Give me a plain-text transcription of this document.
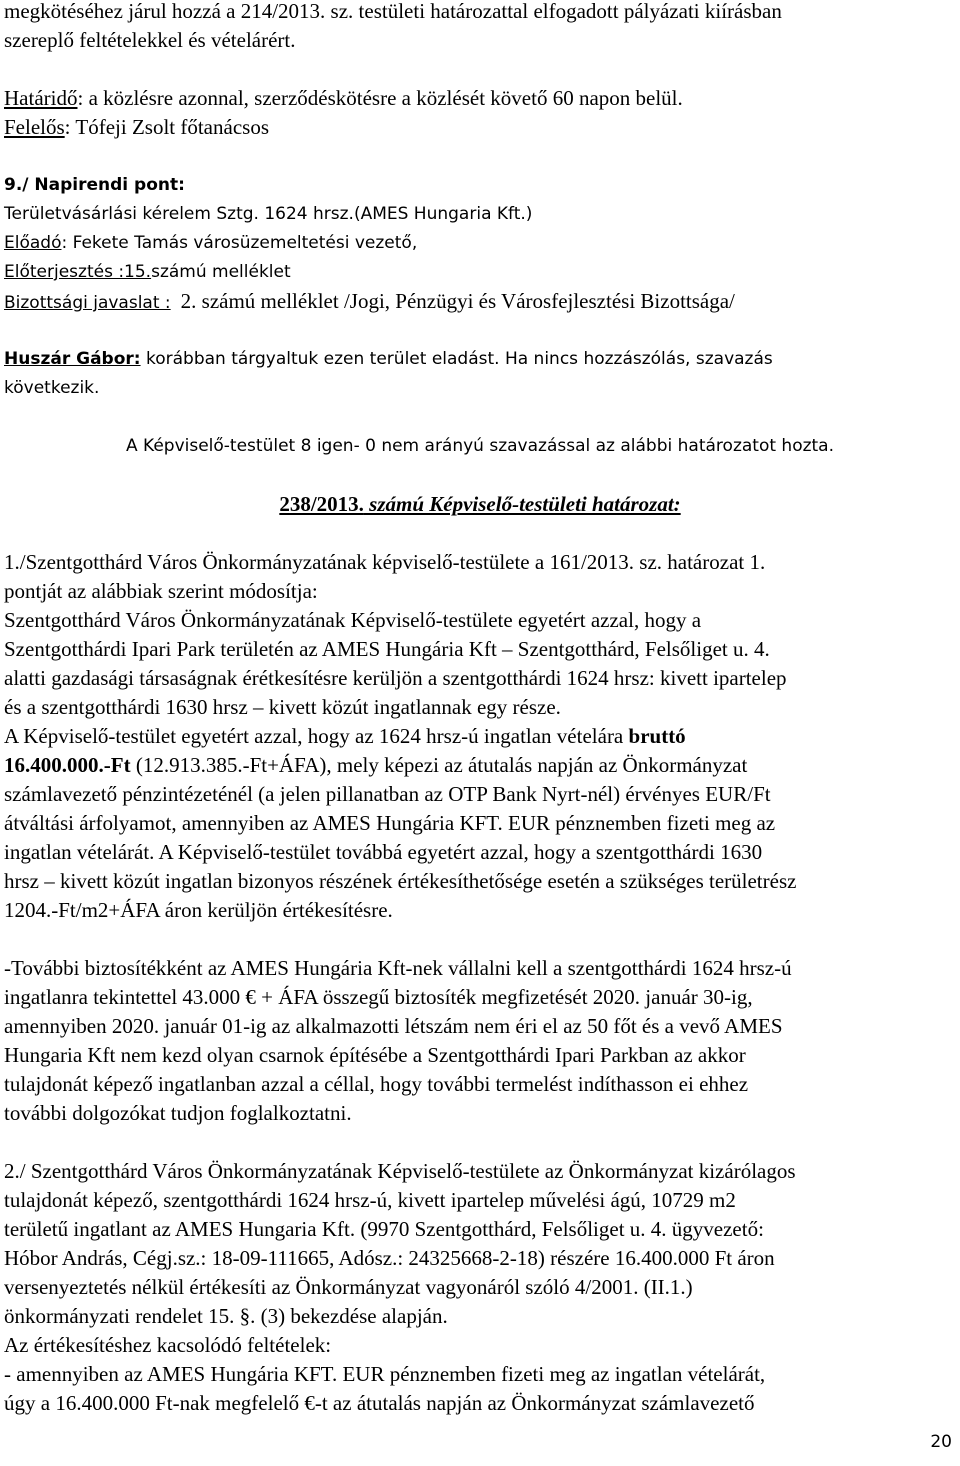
megkötéséhez járul hozzá a 214/2013. sz. testületi határozattal elfogadott pályázati kiírásban
szereplő feltételekkel és vételárért.
Határidő: a közlésre azonnal, szerződéskötésre a közlését követő 60 napon belül.
Felelős: Tófeji Zsolt főtanácsos
9./ Napirendi pont:
Területvásárlási kérelem Sztg. 1624 hrsz.(AMES Hungaria Kft.)
Előadó: Fekete Tamás városüzemeltetési vezető,
Előterjesztés :15.számú melléklet
Bizottsági javaslat : 2. számú melléklet /Jogi, Pénzügyi és Városfejlesztési Bizottsága/
Huszár Gábor: korábban tárgyaltuk ezen terület eladást. Ha nincs hozzászólás, szavazás
következik.
A Képviselő-testület 8 igen- 0 nem arányú szavazással az alábbi határozatot hozta.
238/2013. számú Képviselő-testületi határozat:
1./Szentgotthárd Város Önkormányzatának képviselő-testülete a 161/2013. sz. határozat 1.
pontját az alábbiak szerint módosítja:
Szentgotthárd Város Önkormányzatának Képviselő-testülete egyetért azzal, hogy a
Szentgotthárdi Ipari Park területén az AMES Hungária Kft – Szentgotthárd, Felsőliget u. 4.
alatti gazdasági társaságnak érétkesítésre kerüljön a szentgotthárdi 1624 hrsz: kivett ipartelep
és a szentgotthárdi 1630 hrsz – kivett közút ingatlannak egy része.
A Képviselő-testület egyetért azzal, hogy az 1624 hrsz-ú ingatlan vételára bruttó
16.400.000.-Ft (12.913.385.-Ft+ÁFA), mely képezi az átutalás napján az Önkormányzat
számlavezető pénzintézeténél (a jelen pillanatban az OTP Bank Nyrt-nél) érvényes EUR/Ft
átváltási árfolyamot, amennyiben az AMES Hungária KFT. EUR pénznemben fizeti meg az
ingatlan vételárát. A Képviselő-testület továbbá egyetért azzal, hogy a szentgotthárdi 1630
hrsz – kivett közút ingatlan bizonyos részének értékesíthetősége esetén a szükséges területrész
1204.-Ft/m2+ÁFA áron kerüljön értékesítésre.
-További biztosítékként az AMES Hungária Kft-nek vállalni kell a szentgotthárdi 1624 hrsz-ú
ingatlanra tekintettel 43.000 € + ÁFA összegű biztosíték megfizetését 2020. január 30-ig,
amennyiben 2020. január 01-ig az alkalmazotti létszám nem éri el az 50 főt és a vevő AMES
Hungaria Kft nem kezd olyan csarnok építésébe a Szentgotthárdi Ipari Parkban az akkor
tulajdonát képező ingatlanban azzal a céllal, hogy további termelést indíthasson ei ehhez
további dolgozókat tudjon foglalkoztatni.
2./ Szentgotthárd Város Önkormányzatának Képviselő-testülete az Önkormányzat kizárólagos
tulajdonát képező, szentgotthárdi 1624 hrsz-ú, kivett ipartelep művelési ágú, 10729 m2
területű ingatlant az AMES Hungaria Kft. (9970 Szentgotthárd, Felsőliget u. 4. ügyvezető:
Hóbor András, Cégj.sz.: 18-09-111665, Adósz.: 24325668-2-18) részére 16.400.000 Ft áron
versenyeztetés nélkül értékesíti az Önkormányzat vagyonáról szóló 4/2001. (II.1.)
önkormányzati rendelet 15. §. (3) bekezdése alapján.
Az értékesítéshez kacsolódó feltételek:
- amennyiben az AMES Hungária KFT. EUR pénznemben fizeti meg az ingatlan vételárát,
úgy a 16.400.000 Ft-nak megfelelő €-t az átutalás napján az Önkormányzat számlavezető
20
